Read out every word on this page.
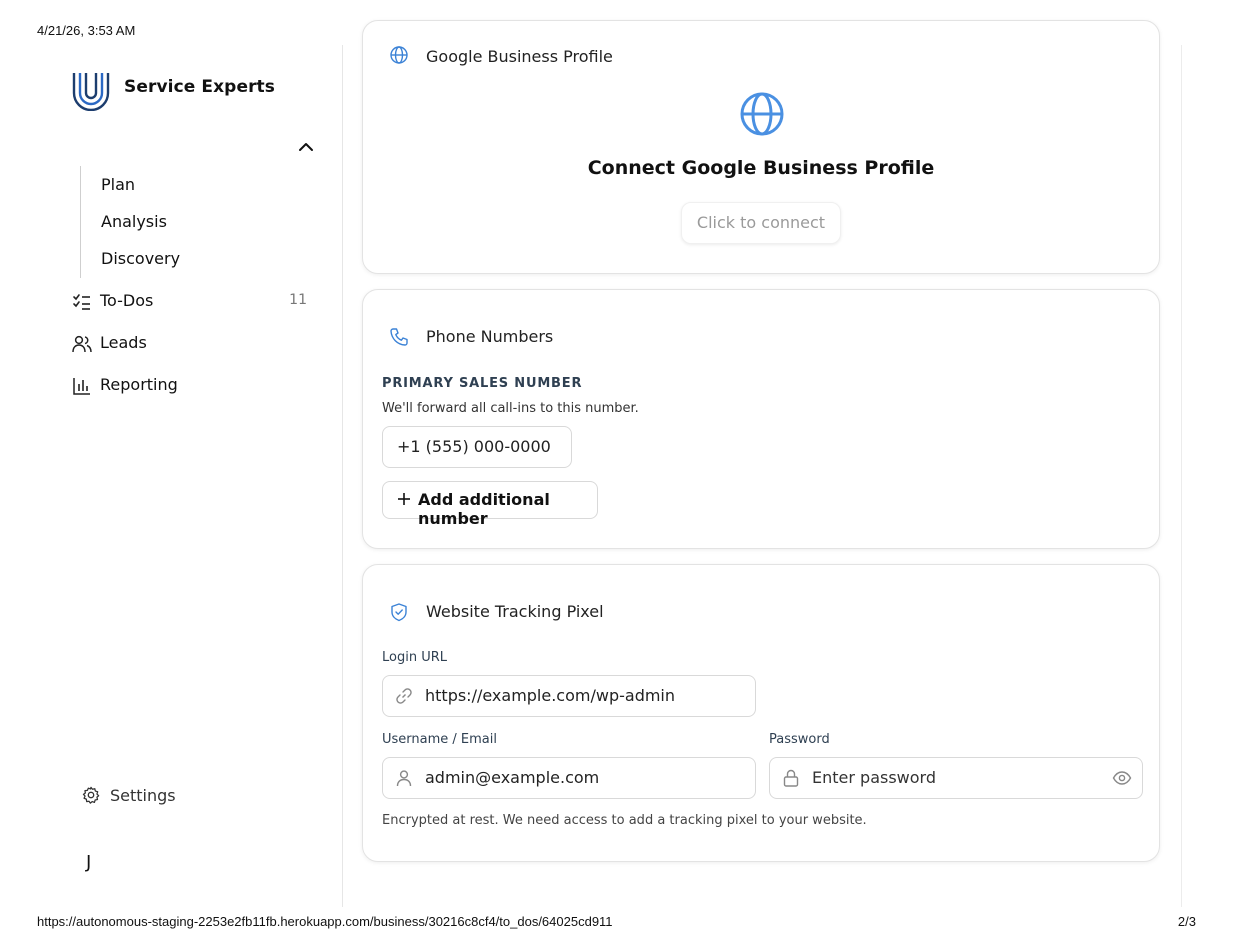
4/21/26, 3:53 AM
https://autonomous-staging-2253e2fb11fb.herokuapp.com/business/30216c8cf4/to_dos/64025cd911	2/3
Service Experts
Plan
Analysis
Discovery
To-Dos	11
Leads
Reporting
Settings
J
Google Business Profile
Connect Google Business Profile
Click to connect
Phone Numbers
PRIMARY SALES NUMBER
We'll forward all call-ins to this number.
+1 (555) 000-0000
Add additional number
Website Tracking Pixel
Login URL
https://example.com/wp-admin
Username / Email
admin@example.com
Password
Enter password
Encrypted at rest. We need access to add a tracking pixel to your website.
